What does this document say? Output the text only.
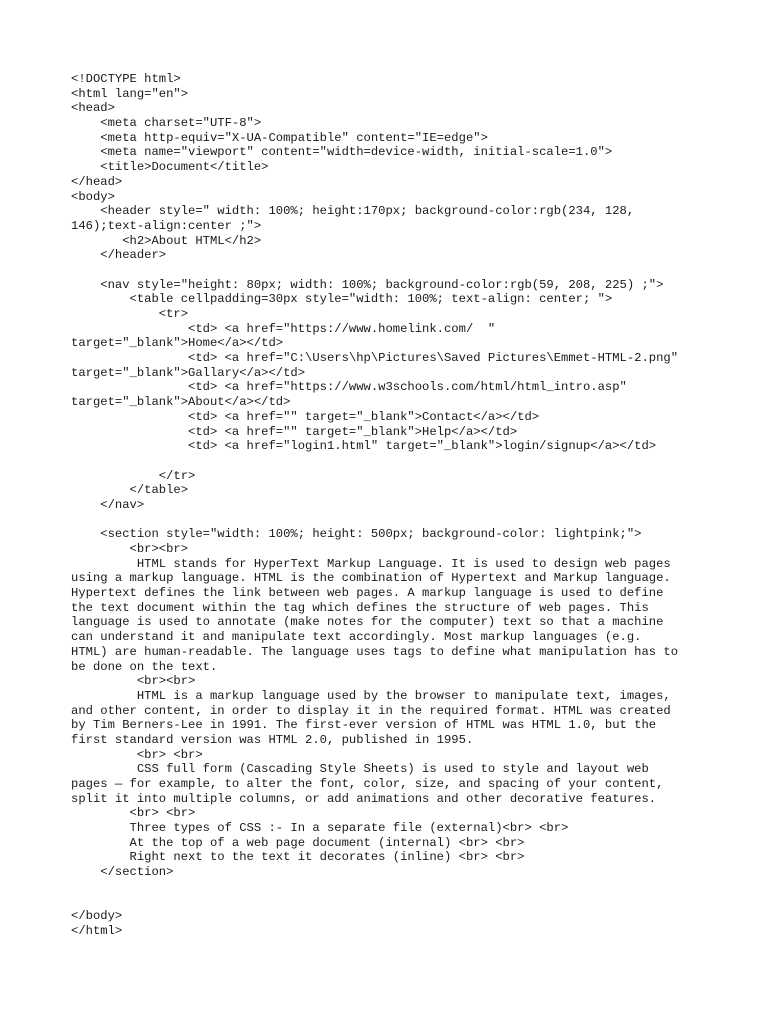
<!DOCTYPE html>
<html lang="en">
<head>
<meta charset="UTF-8">
<meta http-equiv="X-UA-Compatible" content="IE=edge">
<meta name="viewport" content="width=device-width, initial-scale=1.0">
<title>Document</title>
</head>
<body>
<header style=" width: 100%; height:170px; background-color:rgb(234, 128,
146);text-align:center ;">
<h2>About HTML</h2>
</header>
<nav style="height: 80px; width: 100%; background-color:rgb(59, 208, 225) ;">
<table cellpadding=30px style="width: 100%; text-align: center; ">
<tr>
<td> <a href="https://www.homelink.com/  "
target="_blank">Home</a></td>
<td> <a href="C:\Users\hp\Pictures\Saved Pictures\Emmet-HTML-2.png"
target="_blank">Gallary</a></td>
<td> <a href="https://www.w3schools.com/html/html_intro.asp"
target="_blank">About</a></td>
<td> <a href="" target="_blank">Contact</a></td>
<td> <a href="" target="_blank">Help</a></td>
<td> <a href="login1.html" target="_blank">login/signup</a></td>
</tr>
</table>
</nav>
<section style="width: 100%; height: 500px; background-color: lightpink;">
<br><br>
HTML stands for HyperText Markup Language. It is used to design web pages
using a markup language. HTML is the combination of Hypertext and Markup language.
Hypertext defines the link between web pages. A markup language is used to define
the text document within the tag which defines the structure of web pages. This
language is used to annotate (make notes for the computer) text so that a machine
can understand it and manipulate text accordingly. Most markup languages (e.g.
HTML) are human-readable. The language uses tags to define what manipulation has to
be done on the text.
<br><br>
HTML is a markup language used by the browser to manipulate text, images,
and other content, in order to display it in the required format. HTML was created
by Tim Berners-Lee in 1991. The first-ever version of HTML was HTML 1.0, but the
first standard version was HTML 2.0, published in 1995.
<br> <br>
CSS full form (Cascading Style Sheets) is used to style and layout web
pages — for example, to alter the font, color, size, and spacing of your content,
split it into multiple columns, or add animations and other decorative features.
<br> <br>
Three types of CSS :- In a separate file (external)<br> <br>
At the top of a web page document (internal) <br> <br>
Right next to the text it decorates (inline) <br> <br>
</section>
</body>
</html>
